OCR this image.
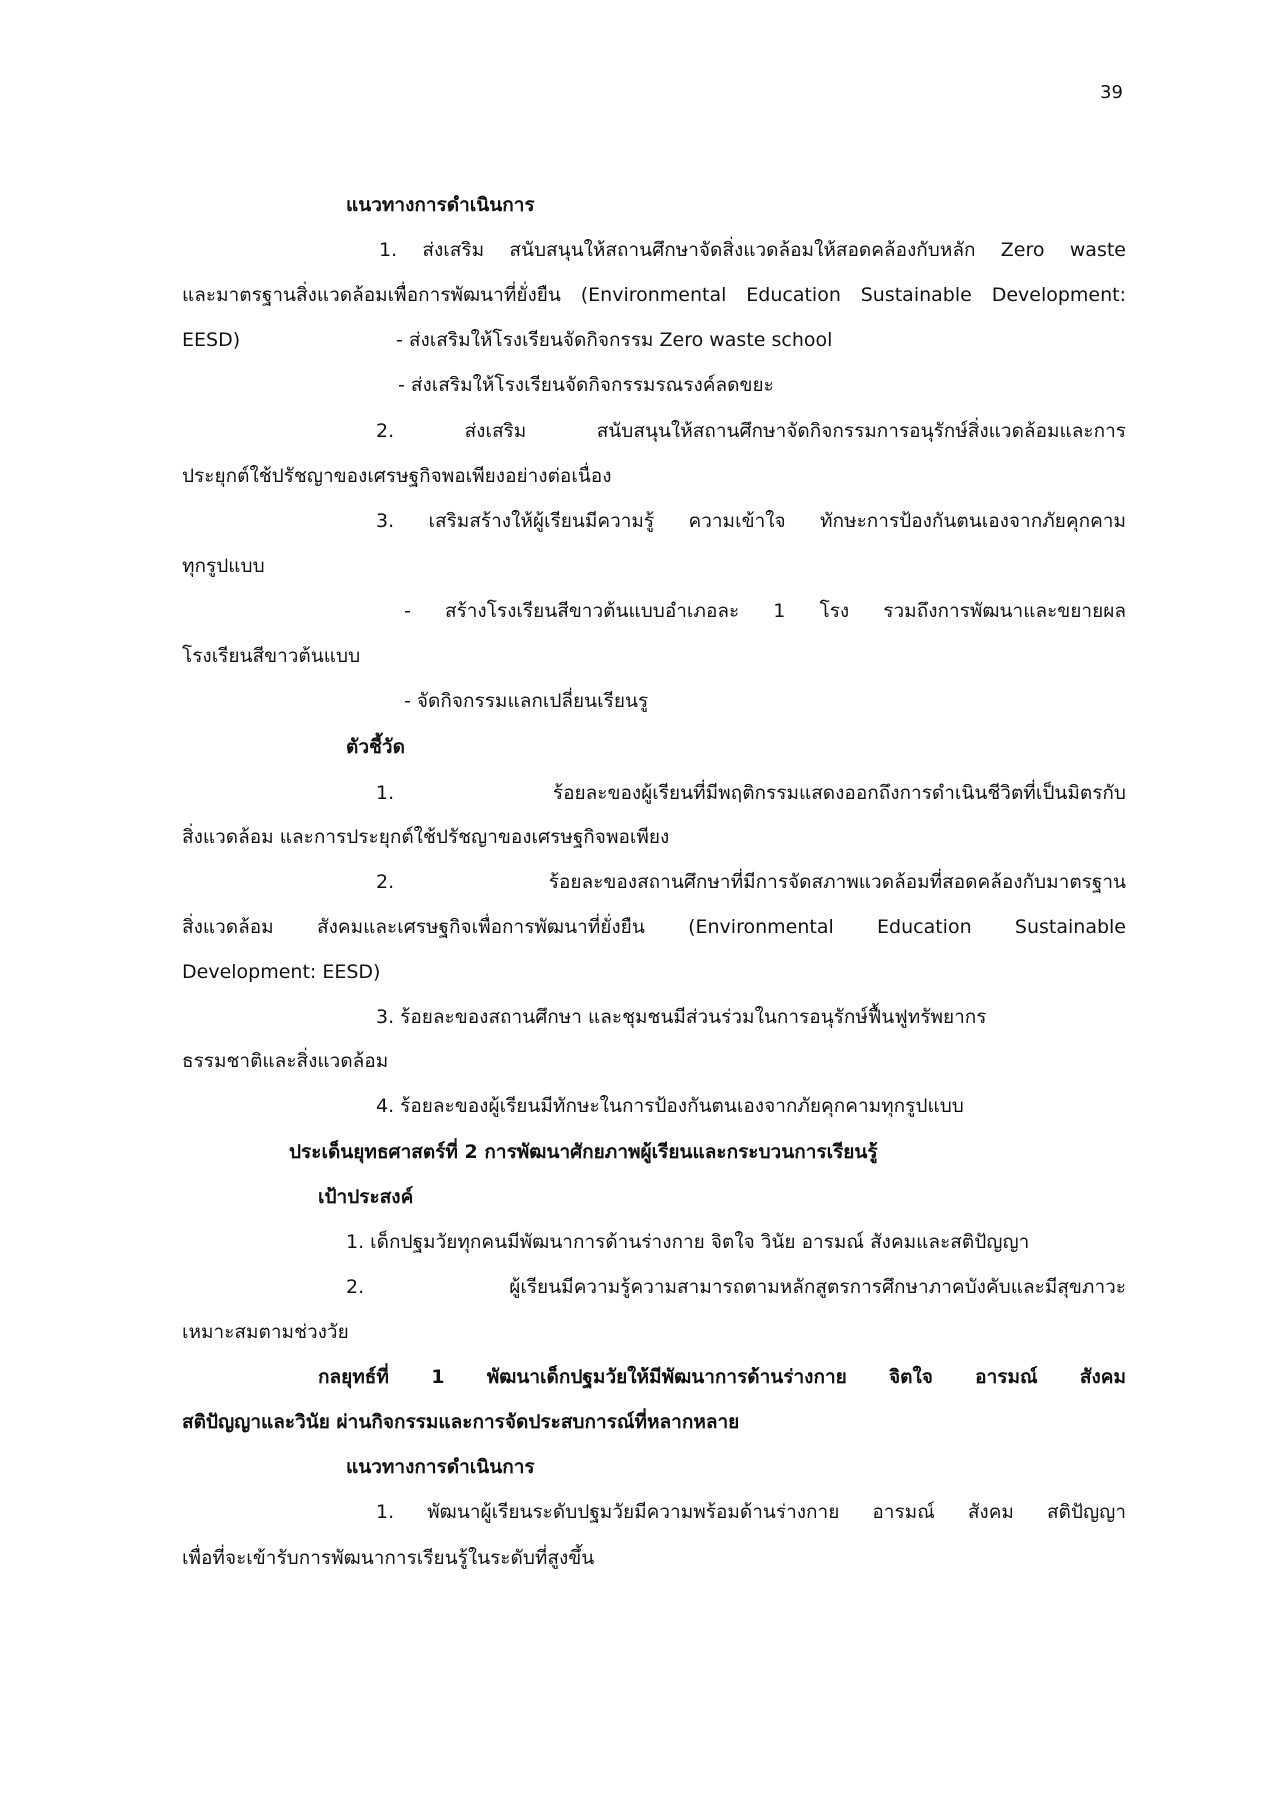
39
แนวทางการดำเนินการ
1. ส่งเสริม สนับสนุนให้สถานศึกษาจัดสิ่งแวดล้อมให้สอดคล้องกับหลัก Zero waste
และมาตรฐานสิ่งแวดล้อมเพื่อการพัฒนาที่ยั่งยืน (Environmental Education Sustainable Development:
EESD)	- ส่งเสริมให้โรงเรียนจัดกิจกรรม Zero waste school
- ส่งเสริมให้โรงเรียนจัดกิจกรรมรณรงค์ลดขยะ
2. ส่งเสริม สนับสนุนให้สถานศึกษาจัดกิจกรรมการอนุรักษ์สิ่งแวดล้อมและการ
ประยุกต์ใช้ปรัชญาของเศรษฐกิจพอเพียงอย่างต่อเนื่อง
3. เสริมสร้างให้ผู้เรียนมีความรู้ ความเข้าใจ ทักษะการป้องกันตนเองจากภัยคุกคาม
ทุกรูปแบบ
- สร้างโรงเรียนสีขาวต้นแบบอำเภอละ 1 โรง รวมถึงการพัฒนาและขยายผล
โรงเรียนสีขาวต้นแบบ
- จัดกิจกรรมแลกเปลี่ยนเรียนรู
ตัวชี้วัด
1. ร้อยละของผู้เรียนที่มีพฤติกรรมแสดงออกถึงการดำเนินชีวิตที่เป็นมิตรกับ
สิ่งแวดล้อม และการประยุกต์ใช้ปรัชญาของเศรษฐกิจพอเพียง
2. ร้อยละของสถานศึกษาที่มีการจัดสภาพแวดล้อมที่สอดคล้องกับมาตรฐาน
สิ่งแวดล้อม สังคมและเศรษฐกิจเพื่อการพัฒนาที่ยั่งยืน (Environmental Education Sustainable
Development: EESD)
3. ร้อยละของสถานศึกษา และชุมชนมีส่วนร่วมในการอนุรักษ์ฟื้นฟูทรัพยากร
ธรรมชาติและสิ่งแวดล้อม
4. ร้อยละของผู้เรียนมีทักษะในการป้องกันตนเองจากภัยคุกคามทุกรูปแบบ
ประเด็นยุทธศาสตร์ที่ 2 การพัฒนาศักยภาพผู้เรียนและกระบวนการเรียนรู้
เป้าประสงค์
1. เด็กปฐมวัยทุกคนมีพัฒนาการด้านร่างกาย จิตใจ วินัย อารมณ์ สังคมและสติปัญญา
2. ผู้เรียนมีความรู้ความสามารถตามหลักสูตรการศึกษาภาคบังคับและมีสุขภาวะ
เหมาะสมตามช่วงวัย
กลยุทธ์ที่ 1 พัฒนาเด็กปฐมวัยให้มีพัฒนาการด้านร่างกาย จิตใจ อารมณ์ สังคม
สติปัญญาและวินัย ผ่านกิจกรรมและการจัดประสบการณ์ที่หลากหลาย
แนวทางการดำเนินการ
1. พัฒนาผู้เรียนระดับปฐมวัยมีความพร้อมด้านร่างกาย อารมณ์ สังคม สติปัญญา
เพื่อที่จะเข้ารับการพัฒนาการเรียนรู้ในระดับที่สูงขึ้น
